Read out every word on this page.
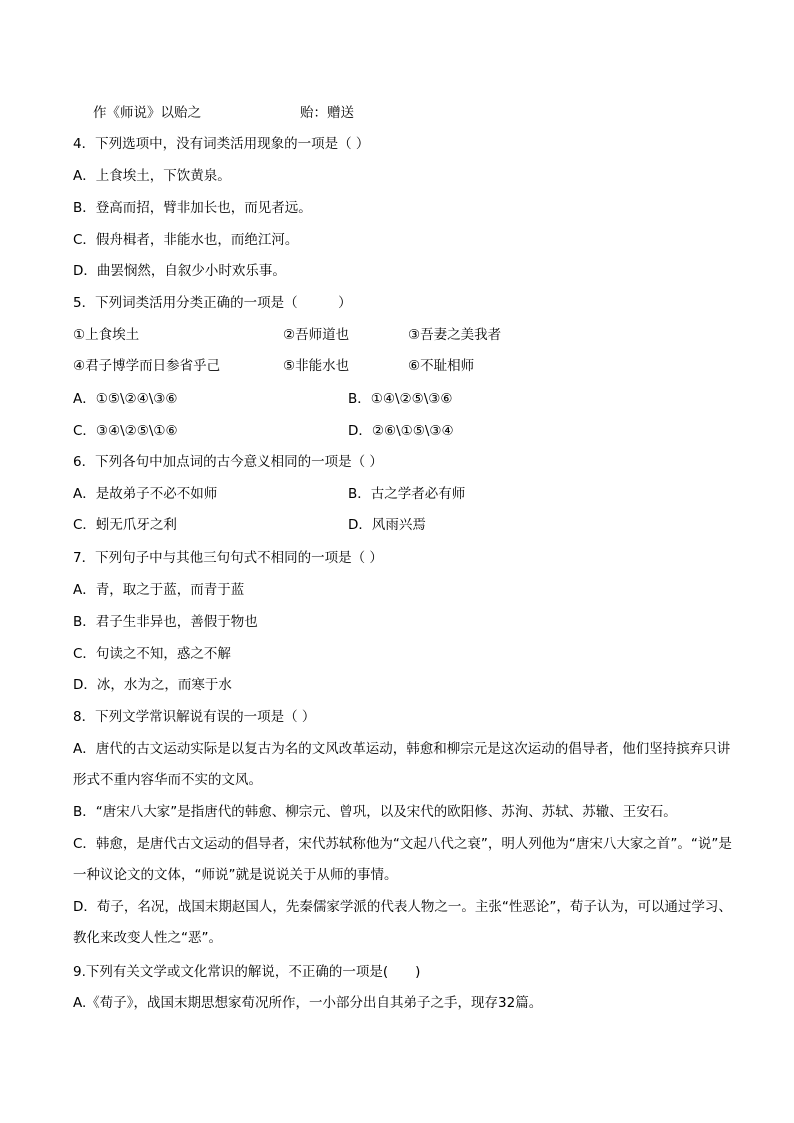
作《师说》以贻之	贻：赠送
4．下列选项中，没有词类活用现象的一项是（ ）
A．上食埃土，下饮黄泉。
B．登高而招，臂非加长也，而见者远。
C．假舟楫者，非能水也，而绝江河。
D．曲罢悯然，自叙少小时欢乐事。
5．下列词类活用分类正确的一项是（　　　）
①上食埃土	②吾师道也	③吾妻之美我者
④君子博学而日参省乎己	⑤非能水也	⑥不耻相师
A．①⑤\②④\③⑥	B．①④\②⑤\③⑥
C．③④\②⑤\①⑥	D．②⑥\①⑤\③④
6．下列各句中加点词的古今意义相同的一项是（ ）
A．是故弟子不必不如师	B．古之学者必有师
C．蚓无爪牙之利	D．风雨兴焉
7．下列句子中与其他三句句式不相同的一项是（ ）
A．青，取之于蓝，而青于蓝
B．君子生非异也，善假于物也
C．句读之不知，惑之不解
D．冰，水为之，而寒于水
8．下列文学常识解说有误的一项是（ ）
A．唐代的古文运动实际是以复古为名的文风改革运动，韩愈和柳宗元是这次运动的倡导者，他们坚持摈弃只讲形式不重内容华而不实的文风。
B．“唐宋八大家”是指唐代的韩愈、柳宗元、曾巩，以及宋代的欧阳修、苏洵、苏轼、苏辙、王安石。
C．韩愈，是唐代古文运动的倡导者，宋代苏轼称他为“文起八代之衰”，明人列他为“唐宋八大家之首”。“说”是一种议论文的文体，“师说”就是说说关于从师的事情。
D．荀子，名况，战国末期赵国人，先秦儒家学派的代表人物之一。主张“性恶论”，荀子认为，可以通过学习、教化来改变人性之“恶”。
9.下列有关文学或文化常识的解说，不正确的一项是(　　)
A.《荀子》，战国末期思想家荀况所作，一小部分出自其弟子之手，现存32篇。
